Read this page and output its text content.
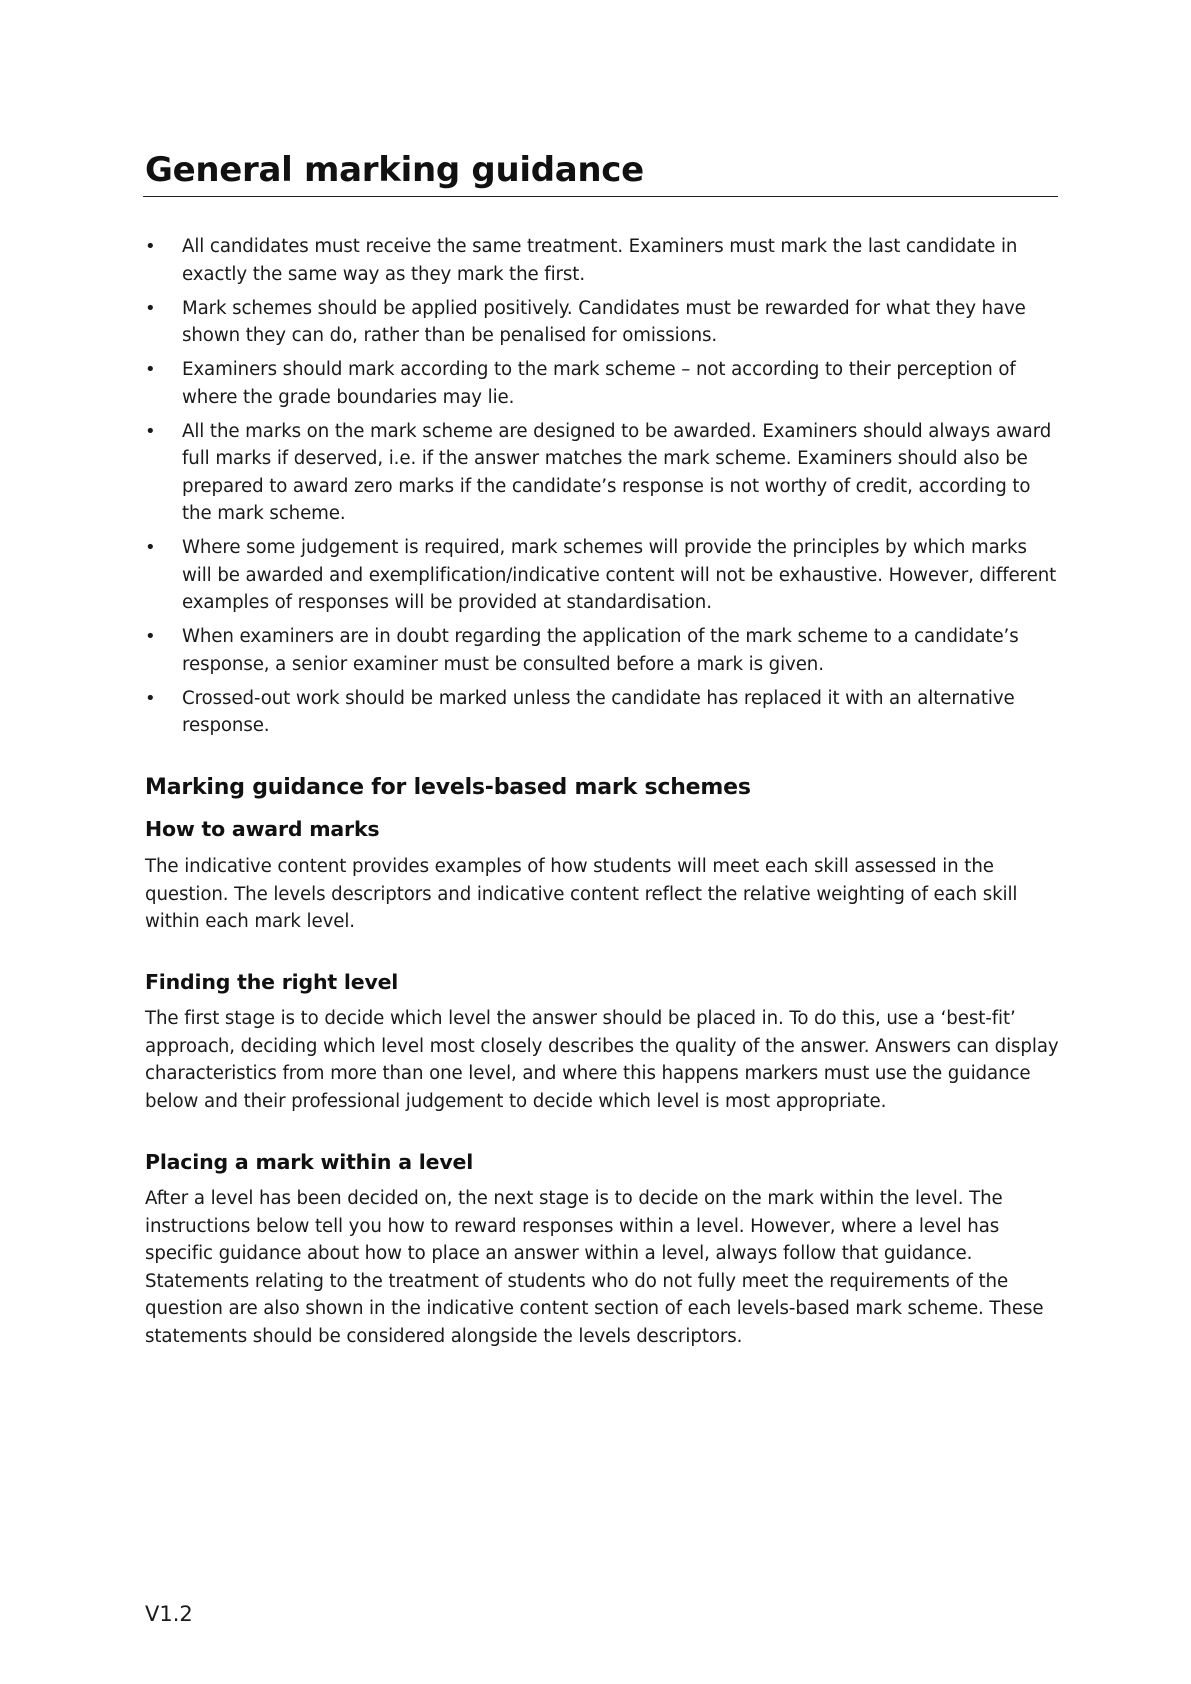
General marking guidance
• All candidates must receive the same treatment. Examiners must mark the last candidate in exactly the same way as they mark the first.
• Mark schemes should be applied positively. Candidates must be rewarded for what they have shown they can do, rather than be penalised for omissions.
• Examiners should mark according to the mark scheme – not according to their perception of where the grade boundaries may lie.
• All the marks on the mark scheme are designed to be awarded. Examiners should always award full marks if deserved, i.e. if the answer matches the mark scheme. Examiners should also be prepared to award zero marks if the candidate’s response is not worthy of credit, according to the mark scheme.
• Where some judgement is required, mark schemes will provide the principles by which marks will be awarded and exemplification/indicative content will not be exhaustive. However, different examples of responses will be provided at standardisation.
• When examiners are in doubt regarding the application of the mark scheme to a candidate’s response, a senior examiner must be consulted before a mark is given.
• Crossed-out work should be marked unless the candidate has replaced it with an alternative response.
Marking guidance for levels-based mark schemes
How to award marks

The indicative content provides examples of how students will meet each skill assessed in the question. The levels descriptors and indicative content reflect the relative weighting of each skill within each mark level.

Finding the right level

The first stage is to decide which level the answer should be placed in. To do this, use a ‘best-fit’ approach, deciding which level most closely describes the quality of the answer. Answers can display characteristics from more than one level, and where this happens markers must use the guidance below and their professional judgement to decide which level is most appropriate.

Placing a mark within a level

After a level has been decided on, the next stage is to decide on the mark within the level. The instructions below tell you how to reward responses within a level. However, where a level has specific guidance about how to place an answer within a level, always follow that guidance. Statements relating to the treatment of students who do not fully meet the requirements of the question are also shown in the indicative content section of each levels-based mark scheme. These statements should be considered alongside the levels descriptors.

V1.2
